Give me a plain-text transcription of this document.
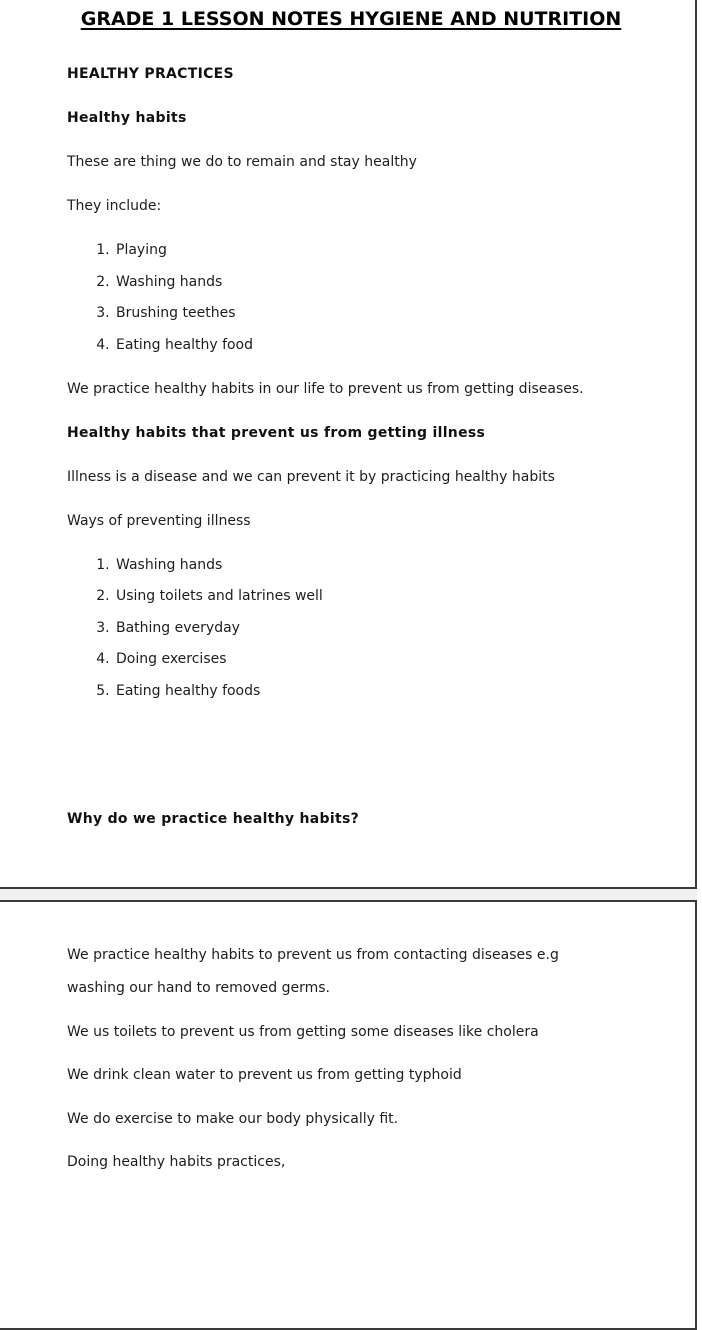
GRADE 1 LESSON NOTES HYGIENE AND NUTRITION
HEALTHY PRACTICES
Healthy habits
These are thing we do to remain and stay healthy
They include:
1. Playing
2. Washing hands
3. Brushing teethes
4. Eating healthy food
We practice healthy habits in our life to prevent us from getting diseases.
Healthy habits that prevent us from getting illness
Illness is a disease and we can prevent it by practicing healthy habits
Ways of preventing illness
1. Washing hands
2. Using toilets and latrines well
3. Bathing everyday
4. Doing exercises
5. Eating healthy foods
Why do we practice healthy habits?
We practice healthy habits to prevent us from contacting diseases e.g
washing our hand to removed germs.
We us toilets to prevent us from getting some diseases like cholera
We drink clean water to prevent us from getting typhoid
We do exercise to make our body physically fit.
Doing healthy habits practices,
